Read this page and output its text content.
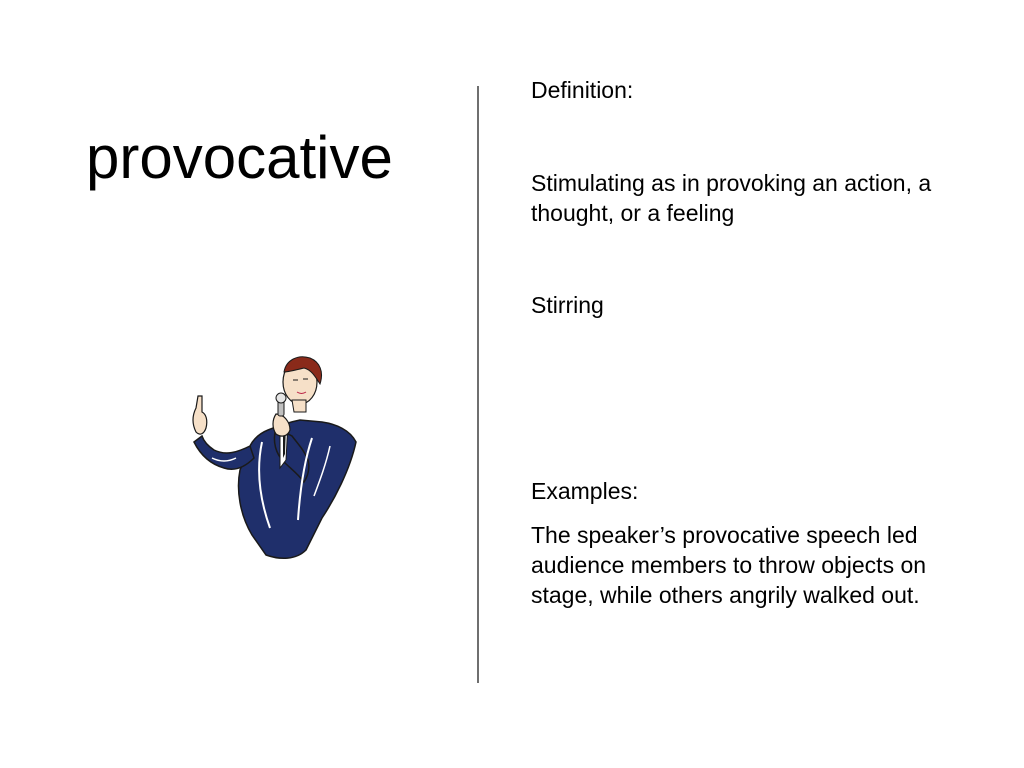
provocative
Definition:
Stimulating as in provoking an action, a thought, or a feeling
Stirring
Examples:
The speaker’s provocative speech led audience members to throw objects on stage, while others angrily walked out.
